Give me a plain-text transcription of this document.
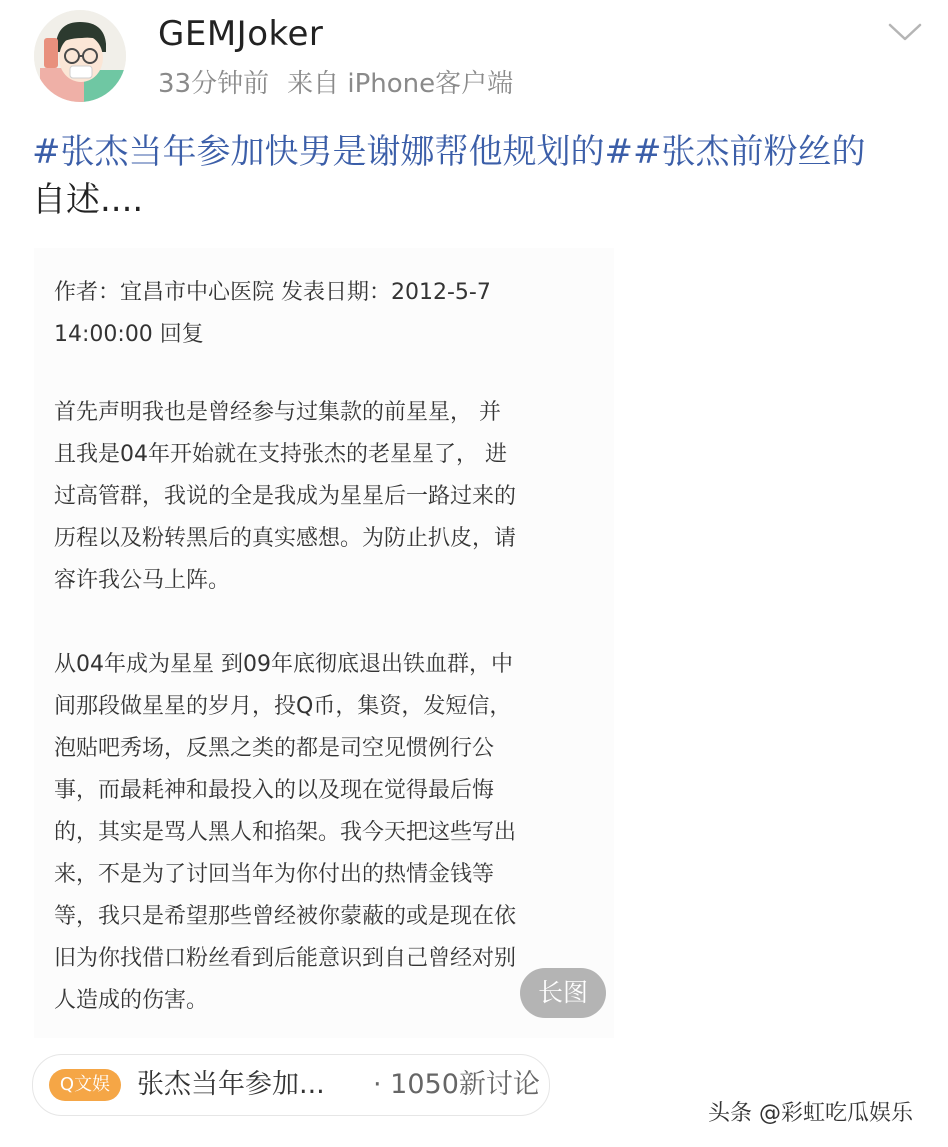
GEMJoker
33分钟前 来自 iPhone客户端
#张杰当年参加快男是谢娜帮他规划的##张杰前粉丝的
自述....
作者：宜昌市中心医院 发表日期：2012-5-7
14:00:00 回复
首先声明我也是曾经参与过集款的前星星， 并
且我是04年开始就在支持张杰的老星星了， 进
过高管群，我说的全是我成为星星后一路过来的
历程以及粉转黑后的真实感想。为防止扒皮，请
容许我公马上阵。
从04年成为星星 到09年底彻底退出铁血群，中
间那段做星星的岁月，投Q币，集资，发短信，
泡贴吧秀场，反黑之类的都是司空见惯例行公
事，而最耗神和最投入的以及现在觉得最后悔
的，其实是骂人黑人和掐架。我今天把这些写出
来，不是为了讨回当年为你付出的热情金钱等
等，我只是希望那些曾经被你蒙蔽的或是现在依
旧为你找借口粉丝看到后能意识到自己曾经对别
人造成的伤害。	长图
Q文娱 张杰当年参加... · 1050新讨论
头条 @彩虹吃瓜娱乐
